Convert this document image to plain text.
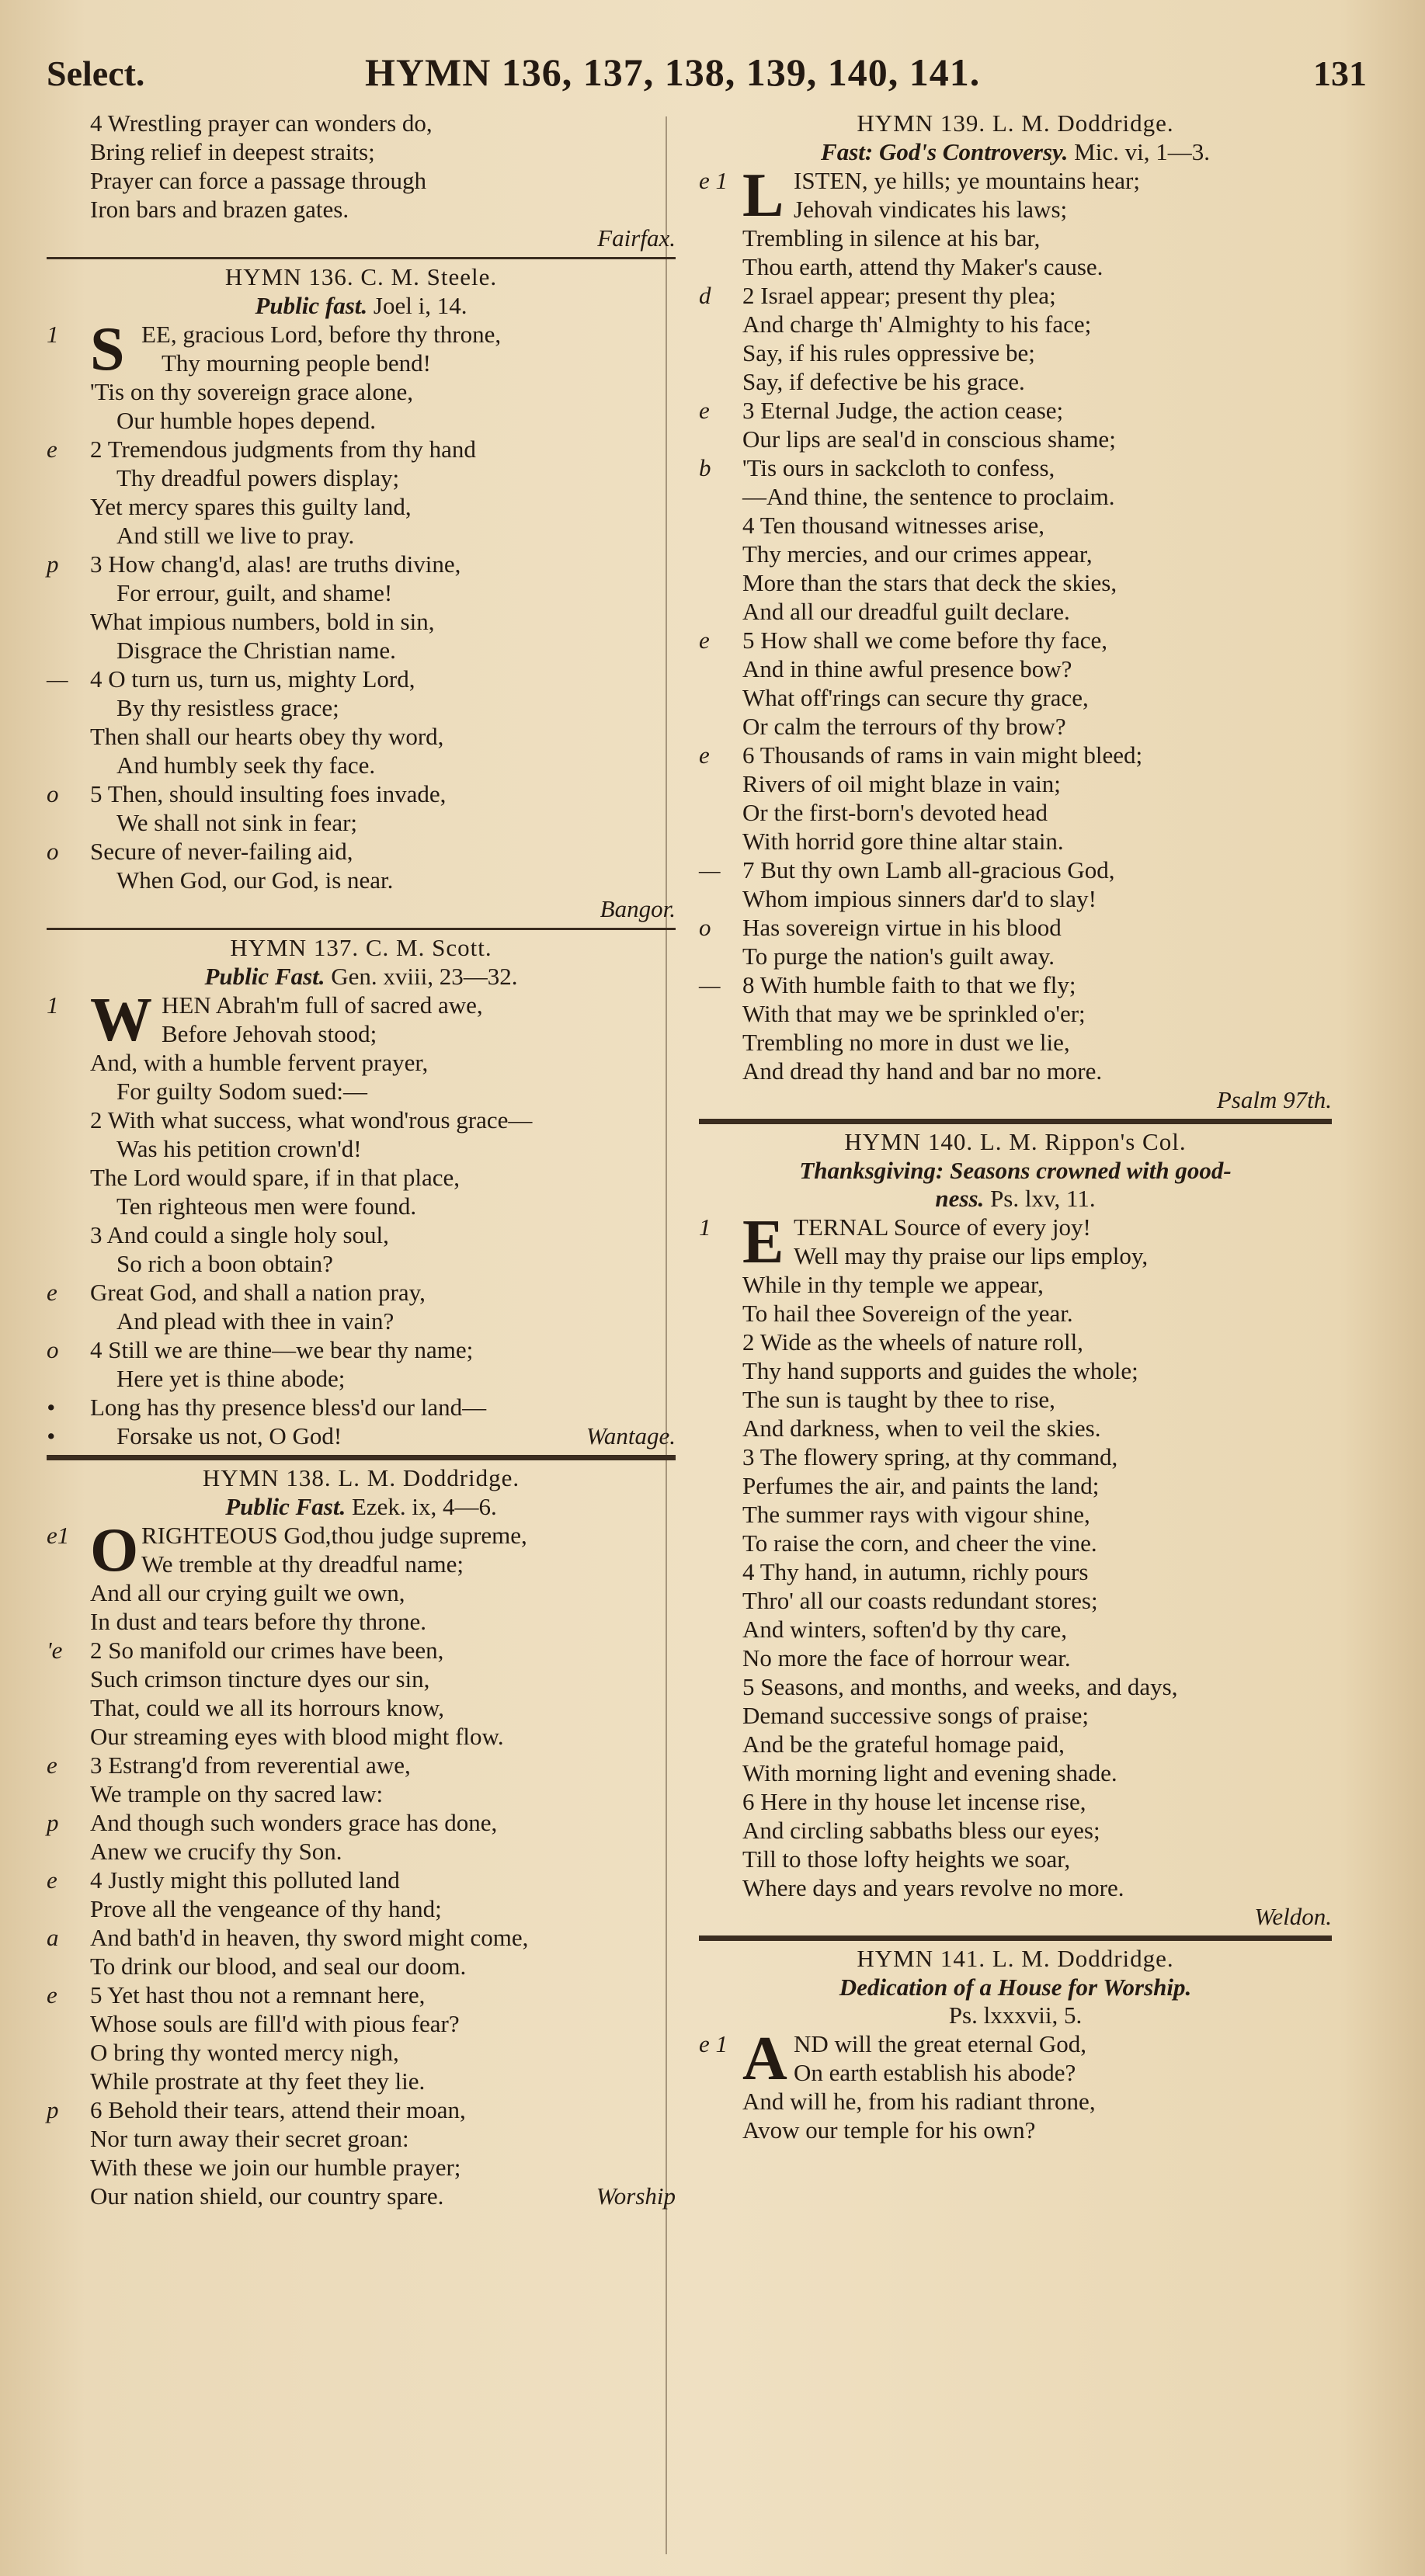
Select.	HYMN 136, 137, 138, 139, 140, 141.	131
4 Wrestling prayer can wonders do,
Bring relief in deepest straits;
Prayer can force a passage through
Iron bars and brazen gates.
Fairfax.
HYMN 136. C. M. Steele.
Public fast. Joel i, 14.
1 S EE, gracious Lord, before thy throne,
Thy mourning people bend!
'Tis on thy sovereign grace alone,
Our humble hopes depend.
e	2 Tremendous judgments from thy hand
Thy dreadful powers display;
Yet mercy spares this guilty land,
And still we live to pray.
p	3 How chang'd, alas! are truths divine,
For errour, guilt, and shame!
What impious numbers, bold in sin,
Disgrace the Christian name.
— 4 O turn us, turn us, mighty Lord,
By thy resistless grace;
Then shall our hearts obey thy word,
And humbly seek thy face.
o	5 Then, should insulting foes invade,
We shall not sink in fear;
o	Secure of never-failing aid,
When God, our God, is near.
Bangor.
HYMN 137. C. M. Scott.
Public Fast. Gen. xviii, 23—32.
1 W HEN Abrah'm full of sacred awe,
Before Jehovah stood;
And, with a humble fervent prayer,
For guilty Sodom sued:—
2 With what success, what wond'rous grace—
Was his petition crown'd!
The Lord would spare, if in that place,
Ten righteous men were found.
3 And could a single holy soul,
So rich a boon obtain?
e	Great God, and shall a nation pray,
And plead with thee in vain?
o	4 Still we are thine—we bear thy name;
Here yet is thine abode;
•	Long has thy presence bless'd our land—
•	Forsake us not, O God!	Wantage.
HYMN 138. L. M. Doddridge.
Public Fast. Ezek. ix, 4—6.
e1 O RIGHTEOUS God,thou judge supreme,
We tremble at thy dreadful name;
And all our crying guilt we own,
In dust and tears before thy throne.
'e	2 So manifold our crimes have been,
Such crimson tincture dyes our sin,
That, could we all its horrours know,
Our streaming eyes with blood might flow.
e	3 Estrang'd from reverential awe,
We trample on thy sacred law:
p	And though such wonders grace has done,
Anew we crucify thy Son.
e	4 Justly might this polluted land
Prove all the vengeance of thy hand;
a	And bath'd in heaven, thy sword might come,
To drink our blood, and seal our doom.
e	5 Yet hast thou not a remnant here,
Whose souls are fill'd with pious fear?
O bring thy wonted mercy nigh,
While prostrate at thy feet they lie.
p	6 Behold their tears, attend their moan,
Nor turn away their secret groan:
With these we join our humble prayer;
Our nation shield, our country spare.	Worship
HYMN 139. L. M. Doddridge.
Fast: God's Controversy. Mic. vi, 1—3.
e 1 L ISTEN, ye hills; ye mountains hear;
Jehovah vindicates his laws;
Trembling in silence at his bar,
Thou earth, attend thy Maker's cause.
d	2 Israel appear; present thy plea;
And charge th' Almighty to his face;
Say, if his rules oppressive be;
Say, if defective be his grace.
e	3 Eternal Judge, the action cease;
Our lips are seal'd in conscious shame;
b	'Tis ours in sackcloth to confess,
—And thine, the sentence to proclaim.
4 Ten thousand witnesses arise,
Thy mercies, and our crimes appear,
More than the stars that deck the skies,
And all our dreadful guilt declare.
e	5 How shall we come before thy face,
And in thine awful presence bow?
What off'rings can secure thy grace,
Or calm the terrours of thy brow?
e	6 Thousands of rams in vain might bleed;
Rivers of oil might blaze in vain;
Or the first-born's devoted head
With horrid gore thine altar stain.
— 7 But thy own Lamb all-gracious God,
Whom impious sinners dar'd to slay!
o	Has sovereign virtue in his blood
To purge the nation's guilt away.
— 8 With humble faith to that we fly;
With that may we be sprinkled o'er;
Trembling no more in dust we lie,
And dread thy hand and bar no more.
Psalm 97th.
HYMN 140. L. M. Rippon's Col.
Thanksgiving: Seasons crowned with good-
ness. Ps. lxv, 11.
1 E TERNAL Source of every joy!
Well may thy praise our lips employ,
While in thy temple we appear,
To hail thee Sovereign of the year.
2 Wide as the wheels of nature roll,
Thy hand supports and guides the whole;
The sun is taught by thee to rise,
And darkness, when to veil the skies.
3 The flowery spring, at thy command,
Perfumes the air, and paints the land;
The summer rays with vigour shine,
To raise the corn, and cheer the vine.
4 Thy hand, in autumn, richly pours
Thro' all our coasts redundant stores;
And winters, soften'd by thy care,
No more the face of horrour wear.
5 Seasons, and months, and weeks, and days,
Demand successive songs of praise;
And be the grateful homage paid,
With morning light and evening shade.
6 Here in thy house let incense rise,
And circling sabbaths bless our eyes;
Till to those lofty heights we soar,
Where days and years revolve no more.
Weldon.
HYMN 141. L. M. Doddridge.
Dedication of a House for Worship.
Ps. lxxxvii, 5.
e 1 A ND will the great eternal God,
On earth establish his abode?
And will he, from his radiant throne,
Avow our temple for his own?
